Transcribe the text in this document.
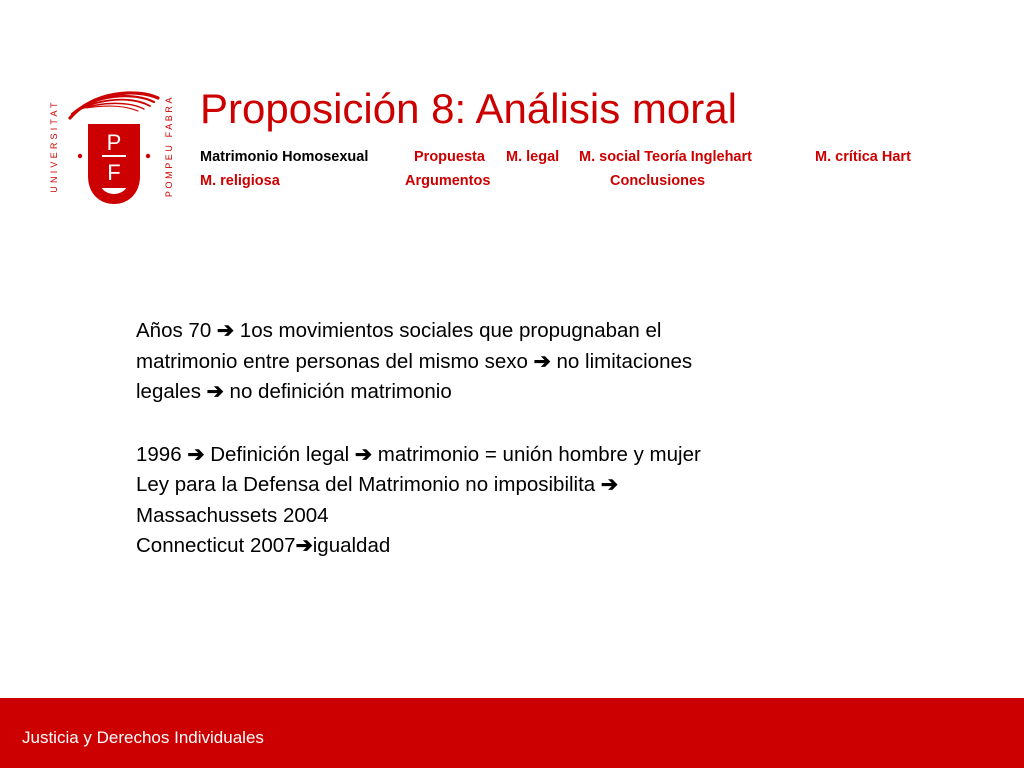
UNIVERSITAT	POMPEU FABRA
P
F
Proposición 8: Análisis moral
Matrimonio Homosexual	Propuesta M. legal M. social Teoría Inglehart	M. crítica Hart
M. religiosa	Argumentos	Conclusiones
Años 70 ➔ 1os movimientos sociales que propugnaban el
matrimonio entre personas del mismo sexo ➔ no limitaciones
legales ➔ no definición matrimonio
1996 ➔ Definición legal ➔ matrimonio = unión hombre y mujer
Ley para la Defensa del Matrimonio no imposibilita ➔
Massachussets 2004
Connecticut 2007➔igualdad
Justicia y Derechos Individuales
